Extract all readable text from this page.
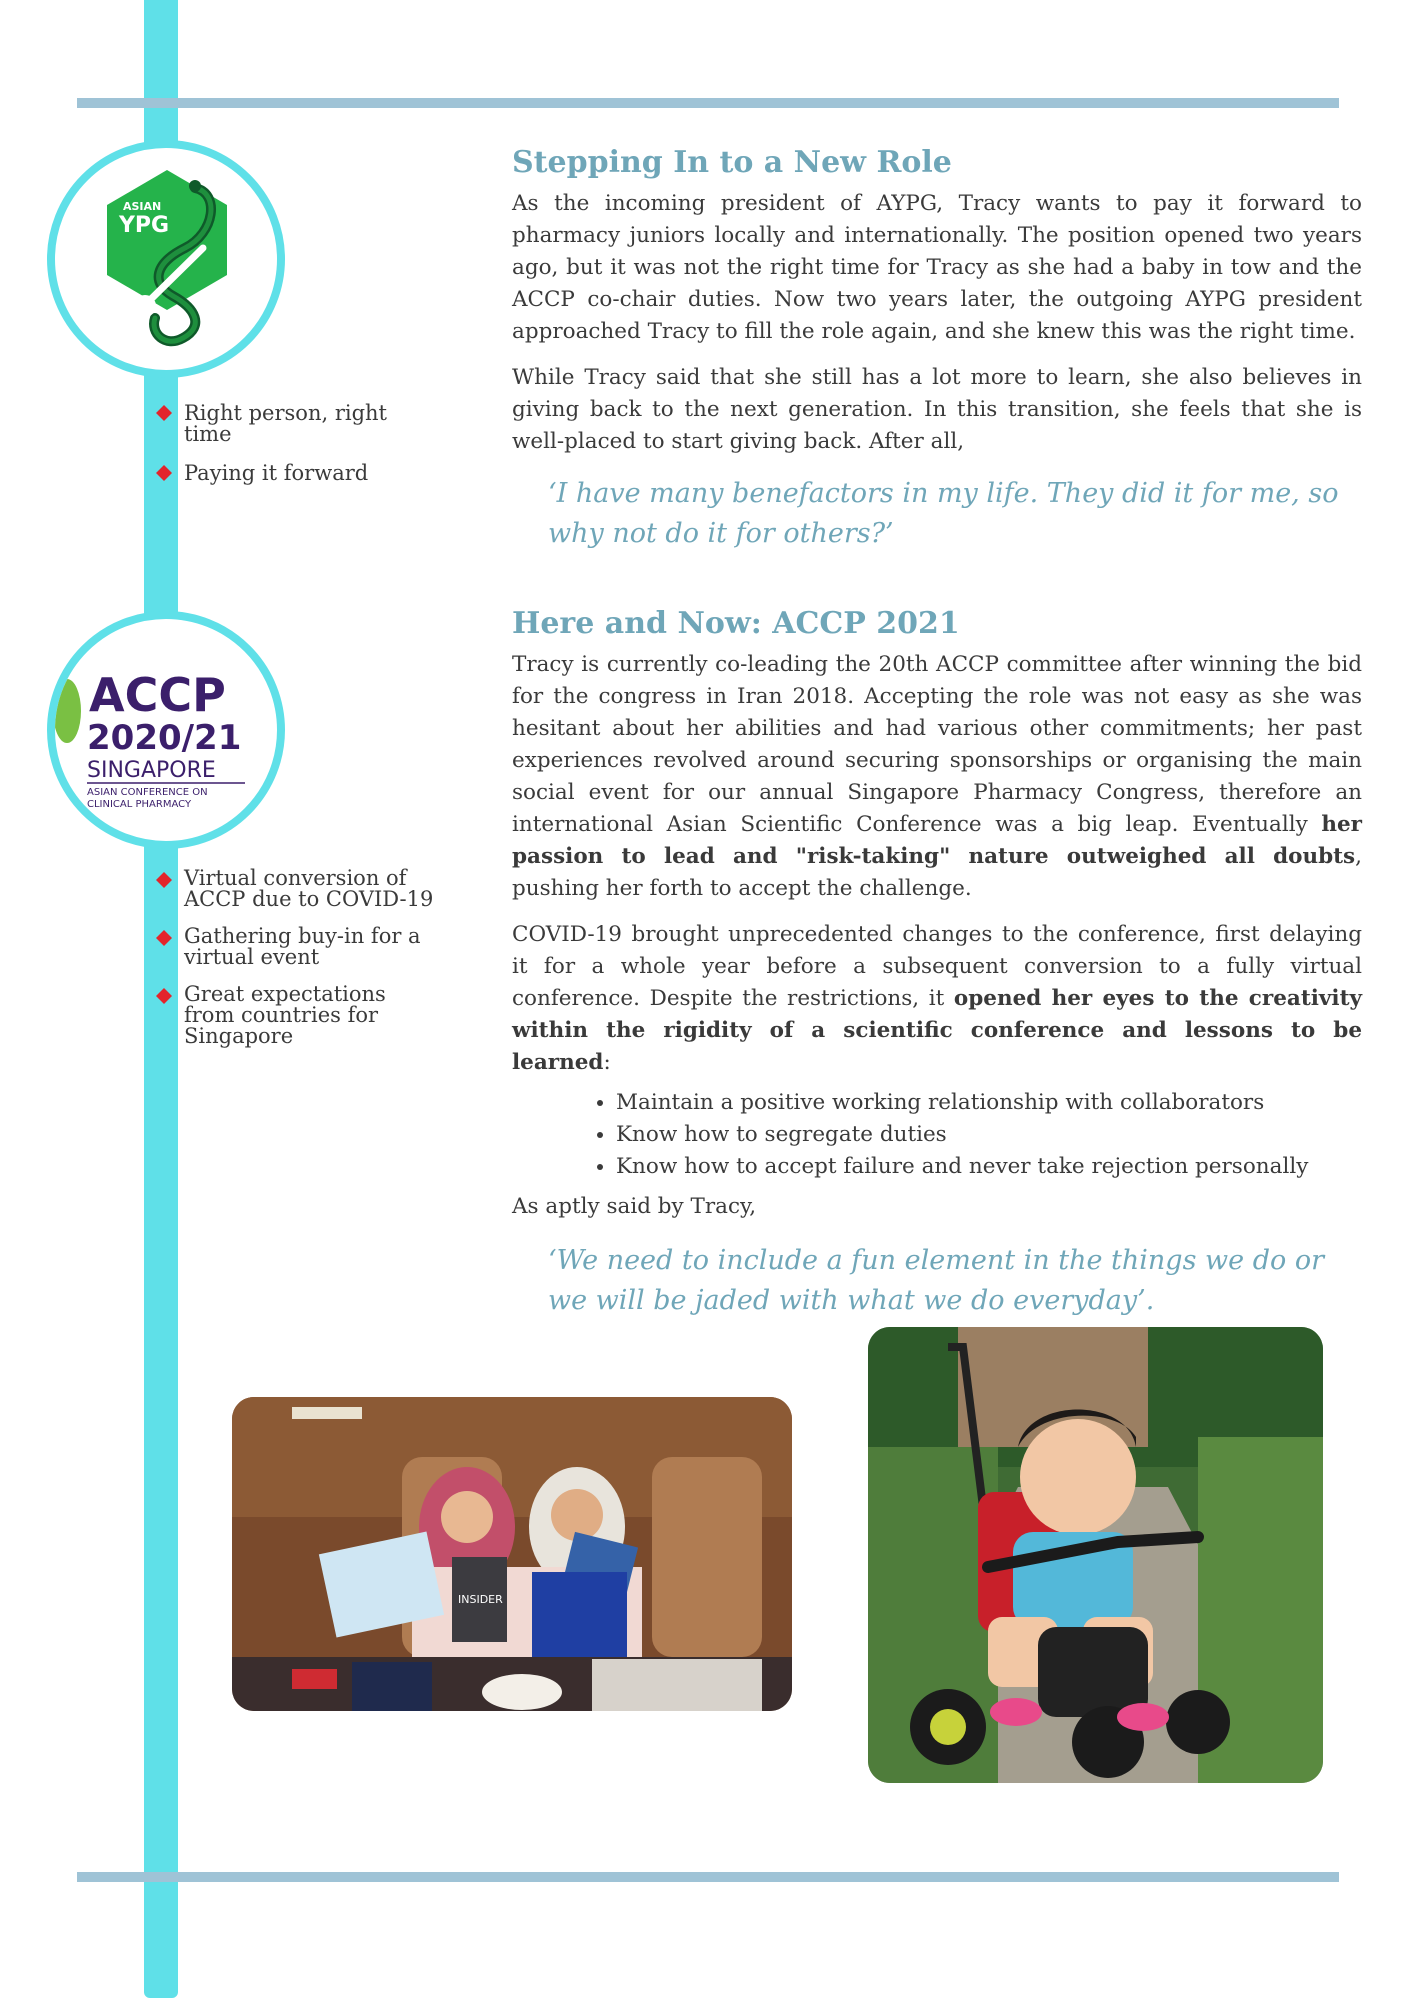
ASIAN
YPG
Right person, right time
Paying it forward
ACCP
2020/21
SINGAPORE
ASIAN CONFERENCE ON
CLINICAL PHARMACY
Virtual conversion of ACCP due to COVID-19
Gathering buy-in for a virtual event
Great expectations from countries for Singapore
Stepping In to a New Role

As the incoming president of AYPG, Tracy wants to pay it forward to pharmacy juniors locally and internationally. The position opened two years ago, but it was not the right time for Tracy as she had a baby in tow and the ACCP co-chair duties. Now two years later, the outgoing AYPG president approached Tracy to fill the role again, and she knew this was the right time.

While Tracy said that she still has a lot more to learn, she also believes in giving back to the next generation. In this transition, she feels that she is well-placed to start giving back. After all,

‘I have many benefactors in my life. They did it for me, so why not do it for others?’
Here and Now: ACCP 2021

Tracy is currently co-leading the 20th ACCP committee after winning the bid for the congress in Iran 2018. Accepting the role was not easy as she was hesitant about her abilities and had various other commitments; her past experiences revolved around securing sponsorships or organising the main social event for our annual Singapore Pharmacy Congress, therefore an international Asian Scientific Conference was a big leap. Eventually her passion to lead and "risk-taking" nature outweighed all doubts, pushing her forth to accept the challenge.

COVID-19 brought unprecedented changes to the conference, first delaying it for a whole year before a subsequent conversion to a fully virtual conference. Despite the restrictions, it opened her eyes to the creativity within the rigidity of a scientific conference and lessons to be learned:

• Maintain a positive working relationship with collaborators
• Know how to segregate duties
• Know how to accept failure and never take rejection personally

As aptly said by Tracy,

‘We need to include a fun element in the things we do or we will be jaded with what we do everyday’.
INSIDER
